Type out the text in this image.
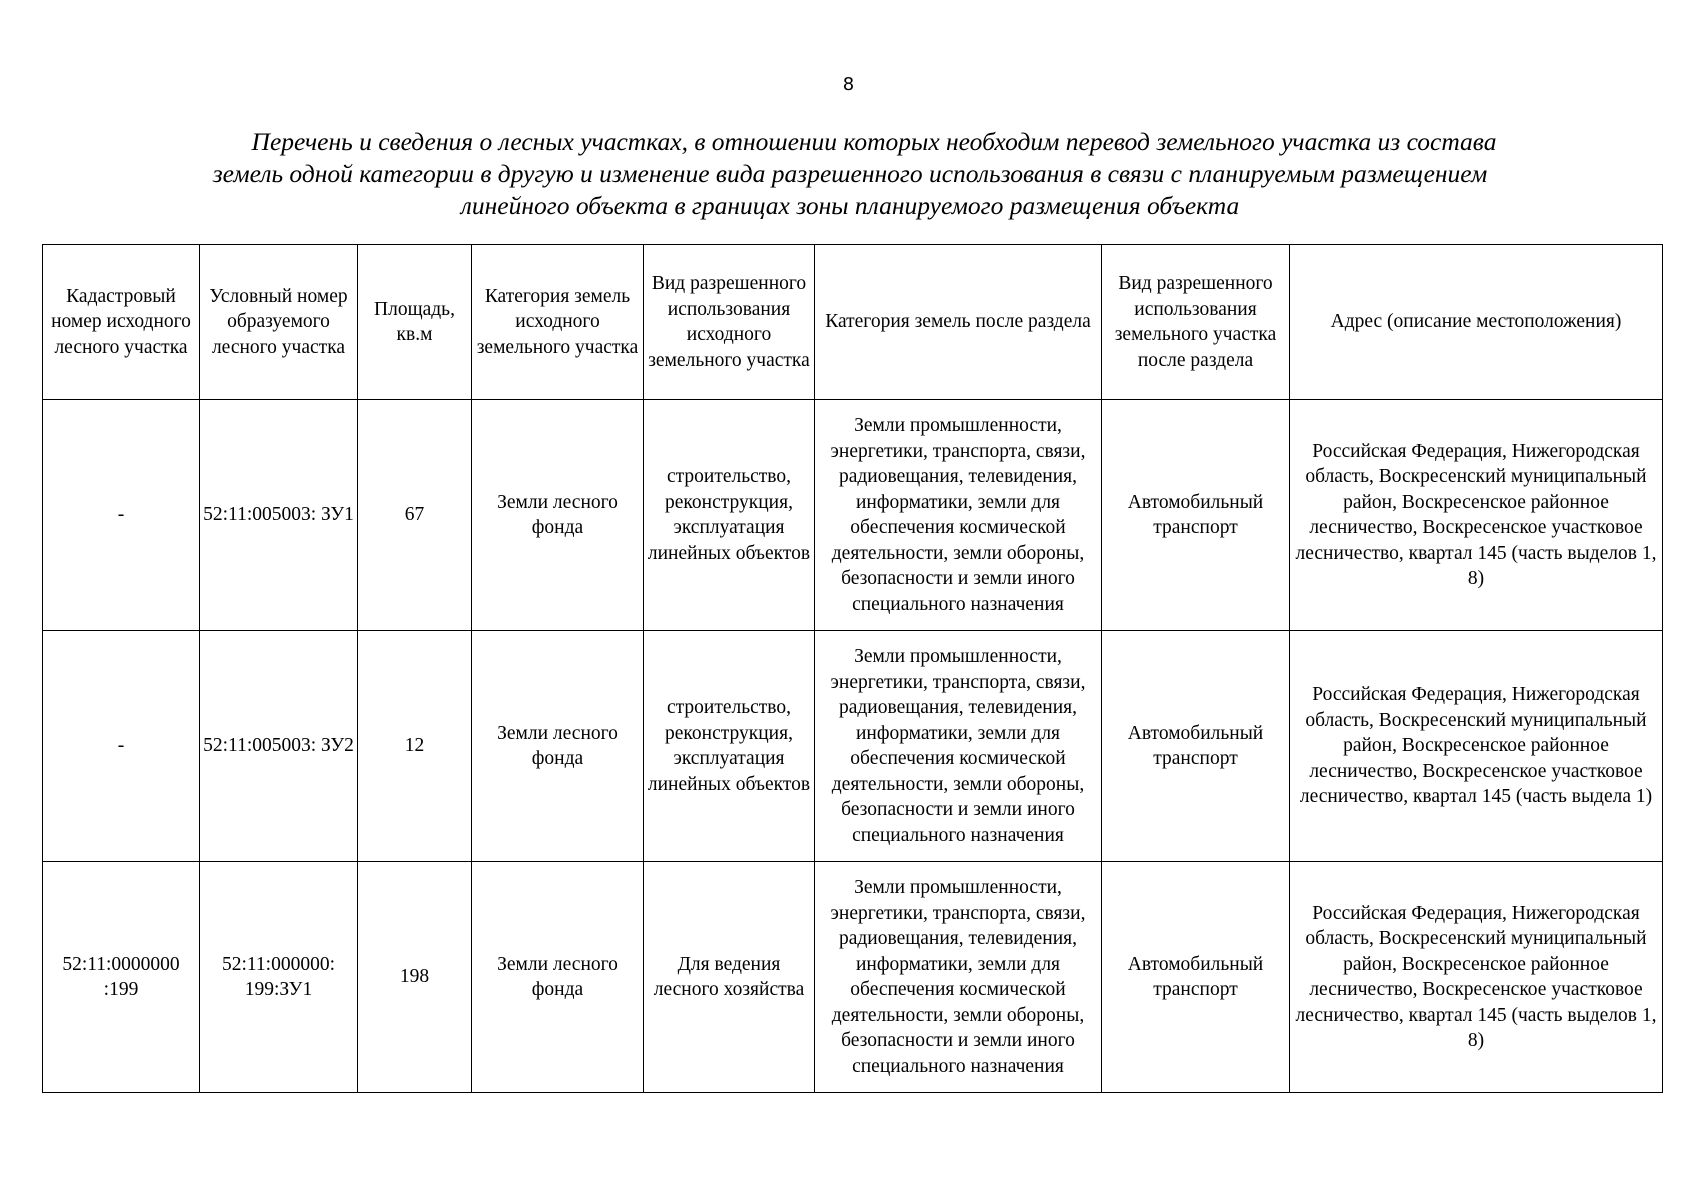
8
Перечень и сведения о лесных участках, в отношении которых необходим перевод земельного участка из состава
земель одной категории в другую и изменение вида разрешенного использования в связи с планируемым размещением
линейного объекта в границах зоны планируемого размещения объекта
Кадастровый номер исходного лесного участка	Условный номер образуемого лесного участка	Площадь, кв.м	Категория земель исходного земельного участка	Вид разрешенного использования исходного земельного участка	Категория земель после раздела	Вид разрешенного использования земельного участка после раздела	Адрес (описание местоположения)
-	52:11:005003: ЗУ1	67	Земли лесного фонда	строительство, реконструкция, эксплуатация линейных объектов	Земли промышленности, энергетики, транспорта, связи, радиовещания, телевидения, информатики, земли для обеспечения космической деятельности, земли обороны, безопасности и земли иного специального назначения	Автомобильный транспорт	Российская Федерация, Нижегородская область, Воскресенский муниципальный район, Воскресенское районное лесничество, Воскресенское участковое лесничество, квартал 145 (часть выделов 1, 8)
-	52:11:005003: ЗУ2	12	Земли лесного фонда	строительство, реконструкция, эксплуатация линейных объектов	Земли промышленности, энергетики, транспорта, связи, радиовещания, телевидения, информатики, земли для обеспечения космической деятельности, земли обороны, безопасности и земли иного специального назначения	Автомобильный транспорт	Российская Федерация, Нижегородская область, Воскресенский муниципальный район, Воскресенское районное лесничество, Воскресенское участковое лесничество, квартал 145 (часть выдела 1)
52:11:0000000 :199	52:11:000000: 199:ЗУ1	198	Земли лесного фонда	Для ведения лесного хозяйства	Земли промышленности, энергетики, транспорта, связи, радиовещания, телевидения, информатики, земли для обеспечения космической деятельности, земли обороны, безопасности и земли иного специального назначения	Автомобильный транспорт	Российская Федерация, Нижегородская область, Воскресенский муниципальный район, Воскресенское районное лесничество, Воскресенское участковое лесничество, квартал 145 (часть выделов 1, 8)
